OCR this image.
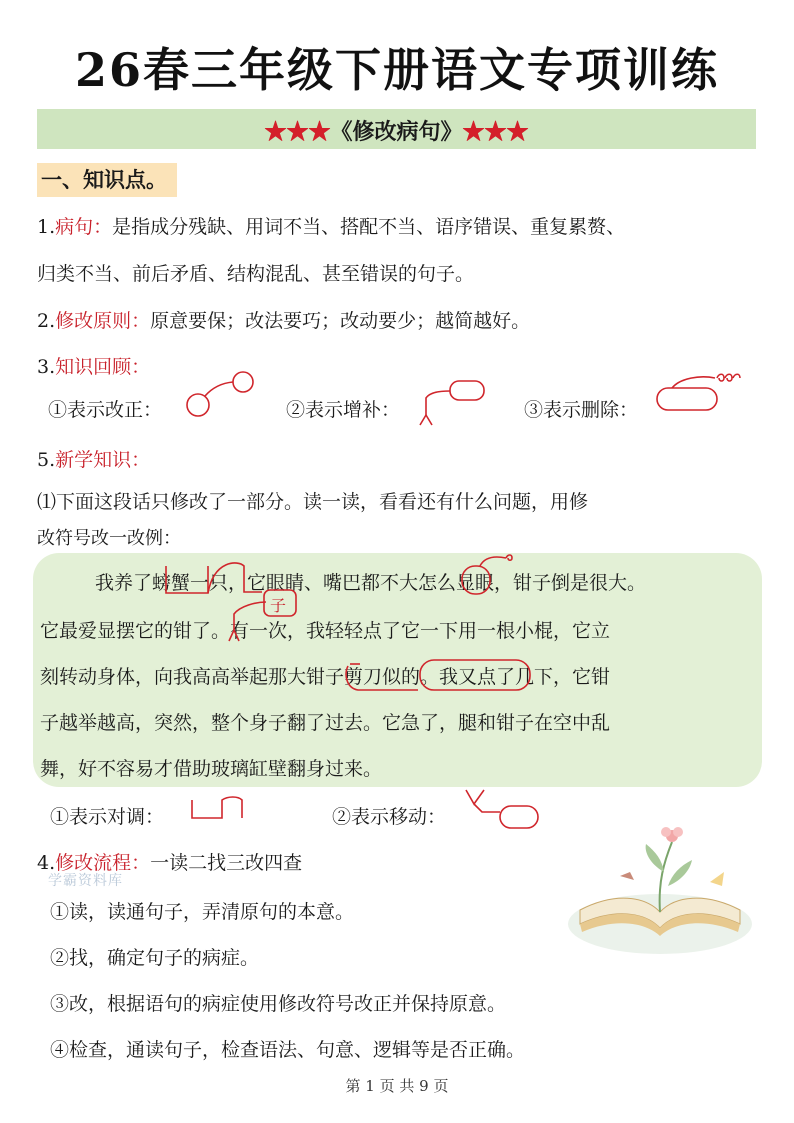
26春三年级下册语文专项训练
★★★《修改病句》★★★
一、知识点。
1.病句：是指成分残缺、用词不当、搭配不当、语序错误、重复累赘、
归类不当、前后矛盾、结构混乱、甚至错误的句子。
2.修改原则：原意要保；改法要巧；改动要少；越简越好。
3.知识回顾：
①表示改正：	②表示增补：	③表示删除：
5.新学知识：
⑴下面这段话只修改了一部分。读一读，看看还有什么问题，用修
改符号改一改例：
我养了螃蟹一只，它眼睛、嘴巴都不大怎么显眼，钳子倒是很大。
它最爱显摆它的钳了。有一次，我轻轻点了它一下用一根小棍，它立
刻转动身体，向我高高举起那大钳子剪刀似的。我又点了几下，它钳
子越举越高，突然，整个身子翻了过去。它急了，腿和钳子在空中乱
舞，好不容易才借助玻璃缸壁翻身过来。
子
①表示对调：	②表示移动：
4.修改流程：一读二找三改四查
学霸资料库
①读，读通句子，弄清原句的本意。
②找，确定句子的病症。
③改，根据语句的病症使用修改符号改正并保持原意。
④检查，通读句子，检查语法、句意、逻辑等是否正确。
第 1 页 共 9 页
